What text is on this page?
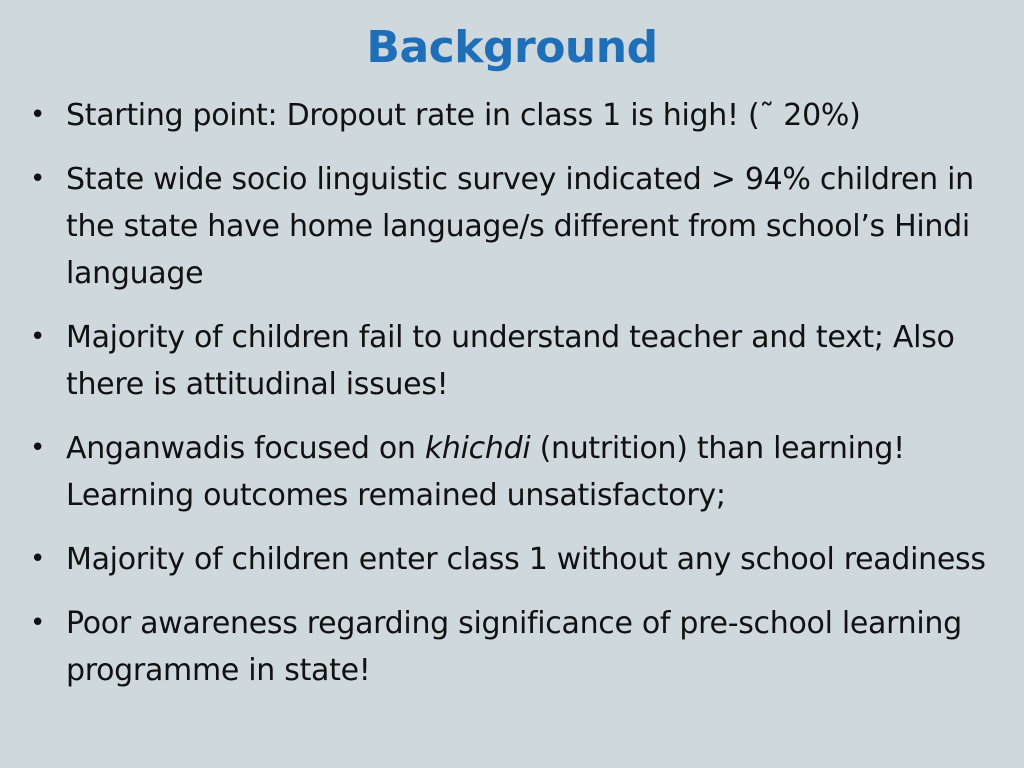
Background
• Starting point: Dropout rate in class 1 is high! (˜ 20%)
• State wide socio linguistic survey indicated > 94% children in the state have home language/s different from school’s Hindi language
• Majority of children fail to understand teacher and text; Also there is attitudinal issues!
• Anganwadis focused on khichdi (nutrition) than learning! Learning outcomes remained unsatisfactory;
• Majority of children enter class 1 without any school readiness
• Poor awareness regarding significance of pre-school learning programme in state!
